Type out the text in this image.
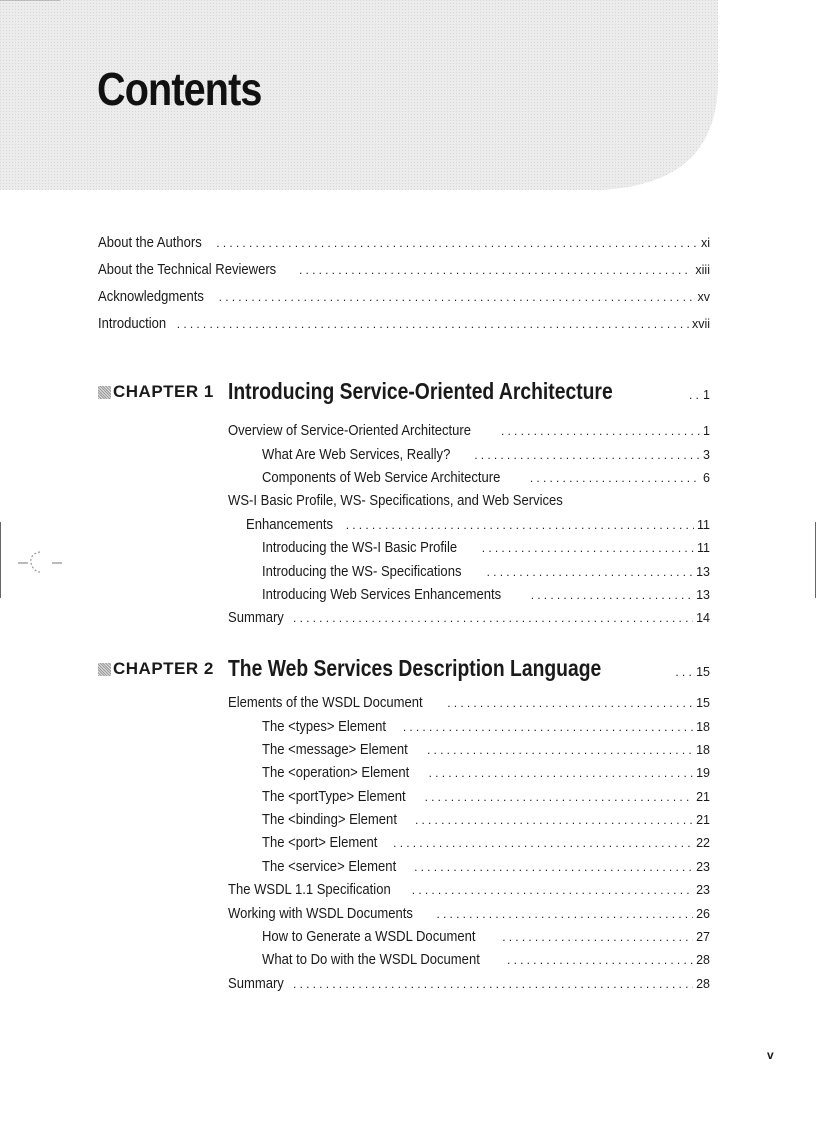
Contents
About the Authors .....	xi
About the Technical Reviewers .....	xiii
Acknowledgments .....	xv
Introduction .....	xvii
CHAPTER 1 Introducing Service-Oriented Architecture .....	1
Overview of Service-Oriented Architecture .....	1
What Are Web Services, Really? .....	3
Components of Web Service Architecture .....	6
WS-I Basic Profile, WS- Specifications, and Web Services
Enhancements .....	11
Introducing the WS-I Basic Profile .....	11
Introducing the WS- Specifications .....	13
Introducing Web Services Enhancements .....	13
Summary .....	14
CHAPTER 2 The Web Services Description Language .....	15
Elements of the WSDL Document .....	15
The <types> Element .....	18
The <message> Element .....	18
The <operation> Element .....	19
The <portType> Element .....	21
The <binding> Element .....	21
The <port> Element .....	22
The <service> Element .....	23
The WSDL 1.1 Specification .....	23
Working with WSDL Documents .....	26
How to Generate a WSDL Document .....	27
What to Do with the WSDL Document .....	28
Summary .....	28
v
